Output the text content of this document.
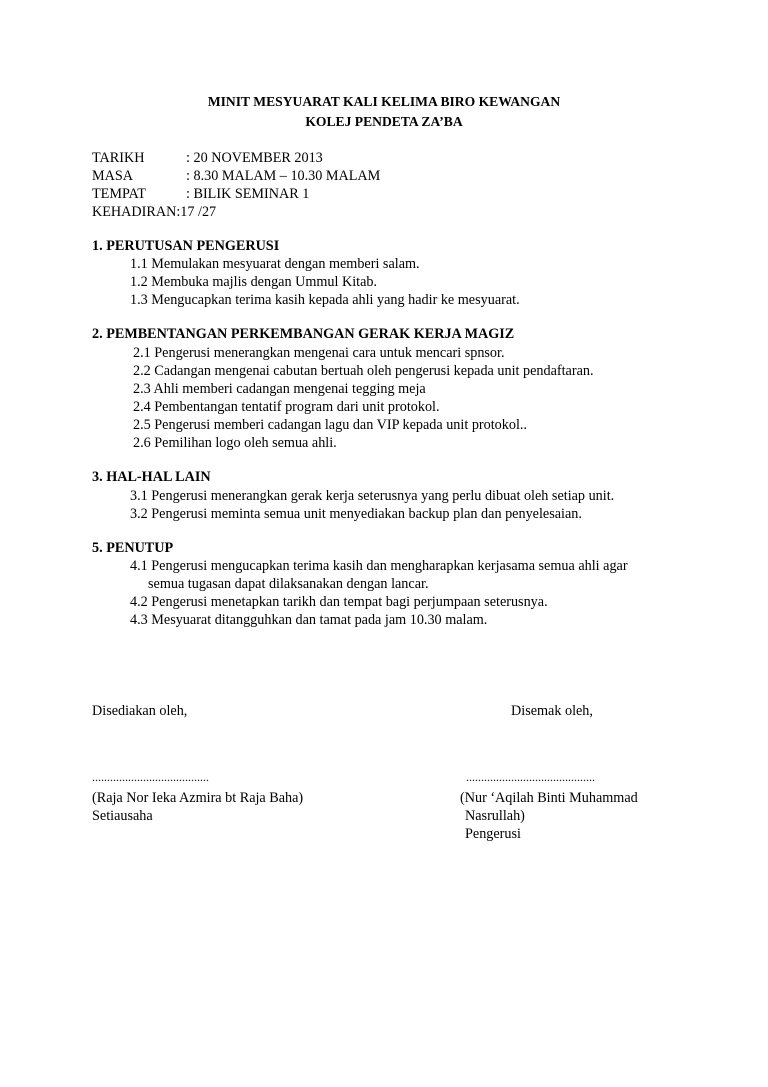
MINIT MESYUARAT KALI KELIMA BIRO KEWANGAN
KOLEJ PENDETA ZA’BA
TARIKH	: 20 NOVEMBER 2013
MASA	: 8.30 MALAM – 10.30 MALAM
TEMPAT	: BILIK SEMINAR 1
KEHADIRAN:17 /27
1. PERUTUSAN PENGERUSI
1.1 Memulakan mesyuarat dengan memberi salam.
1.2 Membuka majlis dengan Ummul Kitab.
1.3 Mengucapkan terima kasih kepada ahli yang hadir ke mesyuarat.
2. PEMBENTANGAN PERKEMBANGAN GERAK KERJA MAGIZ
2.1 Pengerusi menerangkan mengenai cara untuk mencari spnsor.
2.2 Cadangan mengenai cabutan bertuah oleh pengerusi kepada unit pendaftaran.
2.3 Ahli memberi cadangan mengenai tegging meja
2.4 Pembentangan tentatif program dari unit protokol.
2.5 Pengerusi memberi cadangan lagu dan VIP kepada unit protokol..
2.6 Pemilihan logo oleh semua ahli.
3. HAL-HAL LAIN
3.1 Pengerusi menerangkan gerak kerja seterusnya yang perlu dibuat oleh setiap unit.
3.2 Pengerusi meminta semua unit menyediakan backup plan dan penyelesaian.
5. PENUTUP
4.1 Pengerusi mengucapkan terima kasih dan mengharapkan kerjasama semua ahli agar
semua tugasan dapat dilaksanakan dengan lancar.
4.2 Pengerusi menetapkan tarikh dan tempat bagi perjumpaan seterusnya.
4.3 Mesyuarat ditangguhkan dan tamat pada jam 10.30 malam.
Disediakan oleh,	Disemak oleh,
.......................................	...........................................
(Raja Nor Ieka Azmira bt Raja Baha)
Setiausaha
(Nur ‘Aqilah Binti Muhammad
Nasrullah)
Pengerusi
